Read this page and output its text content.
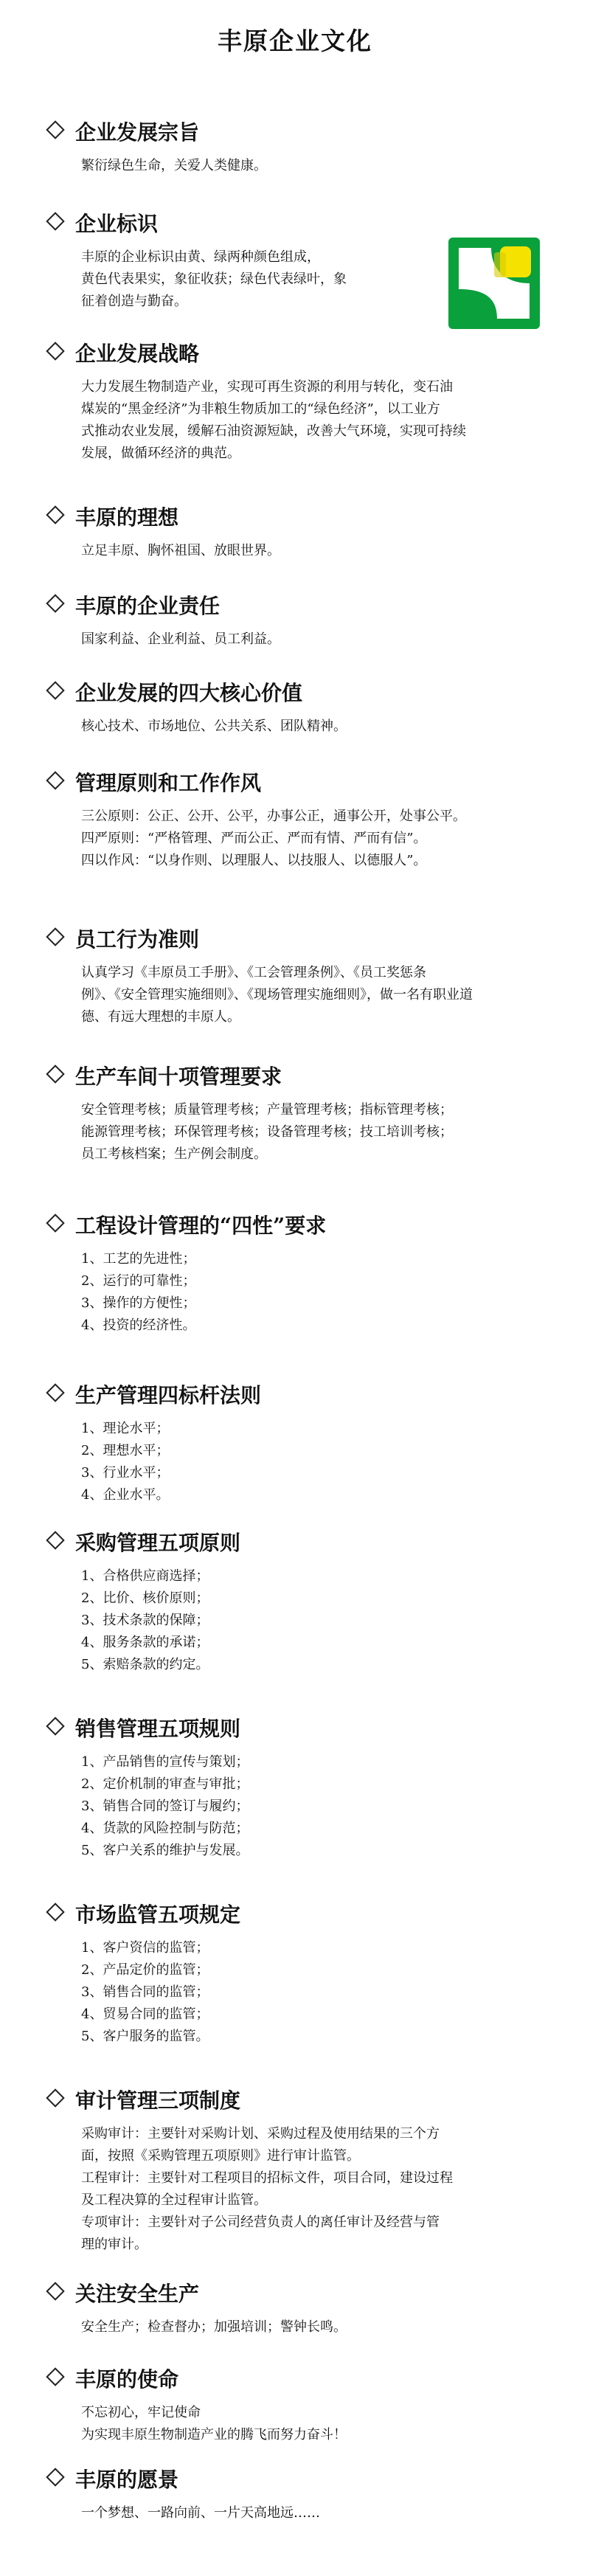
丰原企业文化
企业发展宗旨

繁衍绿色生命，关爱人类健康。

企业标识

丰原的企业标识由黄、绿两种颜色组成，

黄色代表果实，象征收获；绿色代表绿叶，象

征着创造与勤奋。

企业发展战略

大力发展生物制造产业，实现可再生资源的利用与转化，变石油

煤炭的“黑金经济”为非粮生物质加工的“绿色经济”，以工业方

式推动农业发展，缓解石油资源短缺，改善大气环境，实现可持续

发展，做循环经济的典范。

丰原的理想

立足丰原、胸怀祖国、放眼世界。

丰原的企业责任

国家利益、企业利益、员工利益。

企业发展的四大核心价值

核心技术、市场地位、公共关系、团队精神。

管理原则和工作作风

三公原则：公正、公开、公平，办事公正，通事公开，处事公平。

四严原则：“严格管理、严而公正、严而有情、严而有信”。

四以作风：“以身作则、以理服人、以技服人、以德服人”。

员工行为准则

认真学习《丰原员工手册》、《工会管理条例》、《员工奖惩条

例》、《安全管理实施细则》、《现场管理实施细则》，做一名有职业道

德、有远大理想的丰原人。

生产车间十项管理要求

安全管理考核；质量管理考核；产量管理考核；指标管理考核；

能源管理考核；环保管理考核；设备管理考核；技工培训考核；

员工考核档案；生产例会制度。

工程设计管理的“四性”要求

1、工艺的先进性；

2、运行的可靠性；

3、操作的方便性；

4、投资的经济性。

生产管理四标杆法则

1、理论水平；

2、理想水平；

3、行业水平；

4、企业水平。

采购管理五项原则

1、合格供应商选择；

2、比价、核价原则；

3、技术条款的保障；

4、服务条款的承诺；

5、索赔条款的约定。

销售管理五项规则

1、产品销售的宣传与策划；

2、定价机制的审查与审批；

3、销售合同的签订与履约；

4、货款的风险控制与防范；

5、客户关系的维护与发展。

市场监管五项规定

1、客户资信的监管；

2、产品定价的监管；

3、销售合同的监管；

4、贸易合同的监管；

5、客户服务的监管。

审计管理三项制度

采购审计：主要针对采购计划、采购过程及使用结果的三个方

面，按照《采购管理五项原则》进行审计监管。

工程审计：主要针对工程项目的招标文件，项目合同，建设过程

及工程决算的全过程审计监管。

专项审计：主要针对子公司经营负责人的离任审计及经营与管

理的审计。

关注安全生产

安全生产；检查督办；加强培训；警钟长鸣。

丰原的使命

不忘初心，牢记使命

为实现丰原生物制造产业的腾飞而努力奋斗！

丰原的愿景

一个梦想、一路向前、一片天高地远……
